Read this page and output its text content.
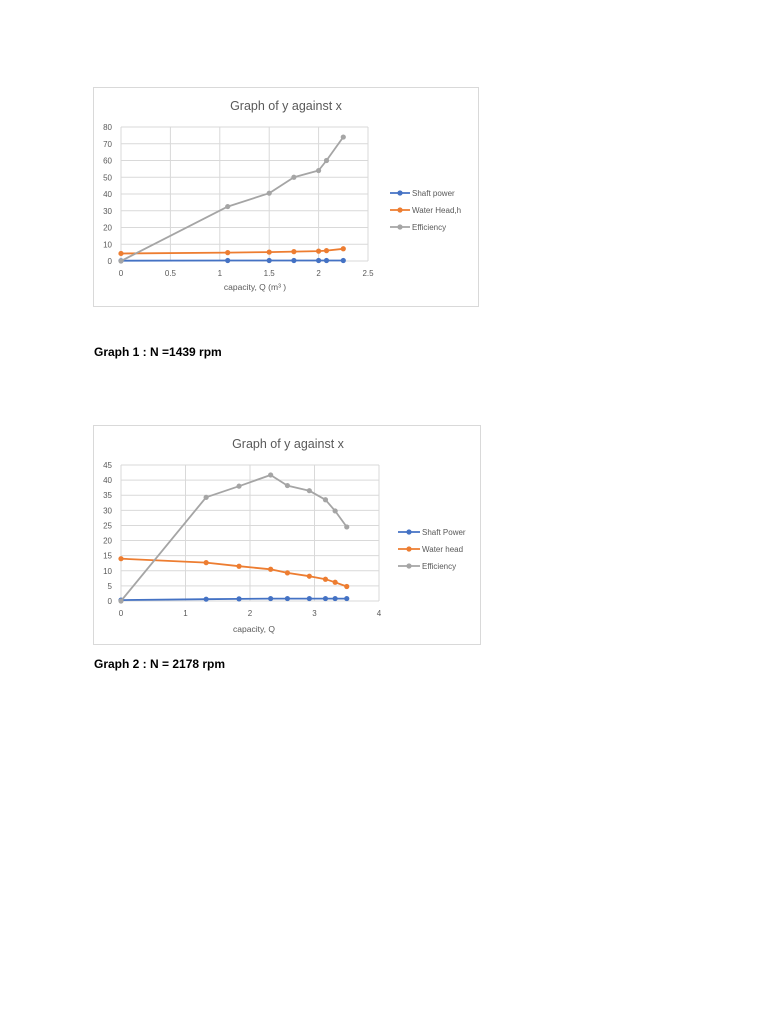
Graph of y against x
0
10
20
30
40
50
60
70
80
0	0.5	1	1.5	2	2.5
capacity, Q (m³ )
Shaft power
Water Head,h
Efficiency
Graph 1 : N =1439 rpm
Graph of y against x
0
5
10
15
20
25
30
35
40
45
0	1	2	3	4
capacity, Q
Shaft Power
Water head
Efficiency
Graph 2 : N = 2178 rpm
